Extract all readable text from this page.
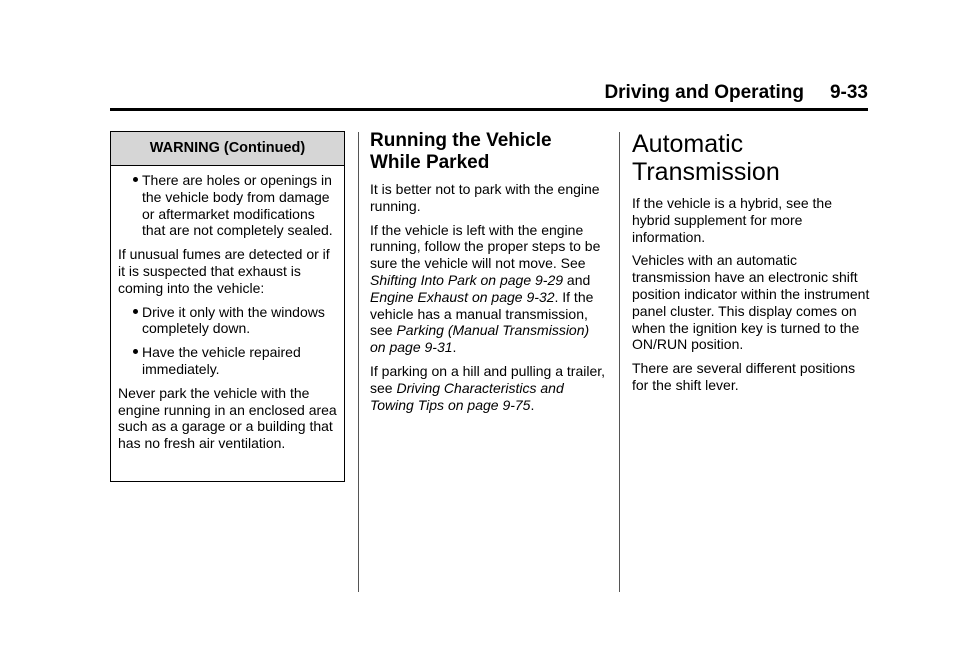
Driving and Operating 9-33
WARNING (Continued)
There are holes or openings in the vehicle body from damage or aftermarket modifications that are not completely sealed.
If unusual fumes are detected or if it is suspected that exhaust is coming into the vehicle:
Drive it only with the windows completely down.
Have the vehicle repaired immediately.
Never park the vehicle with the engine running in an enclosed area such as a garage or a building that has no fresh air ventilation.
Running the Vehicle
While Parked
It is better not to park with the engine running.
If the vehicle is left with the engine running, follow the proper steps to be sure the vehicle will not move. See Shifting Into Park on page 9-29 and Engine Exhaust on page 9-32. If the vehicle has a manual transmission, see Parking (Manual Transmission) on page 9-31.
If parking on a hill and pulling a trailer, see Driving Characteristics and Towing Tips on page 9-75.
Automatic
Transmission
If the vehicle is a hybrid, see the hybrid supplement for more information.
Vehicles with an automatic transmission have an electronic shift position indicator within the instrument panel cluster. This display comes on when the ignition key is turned to the ON/RUN position.
There are several different positions for the shift lever.
